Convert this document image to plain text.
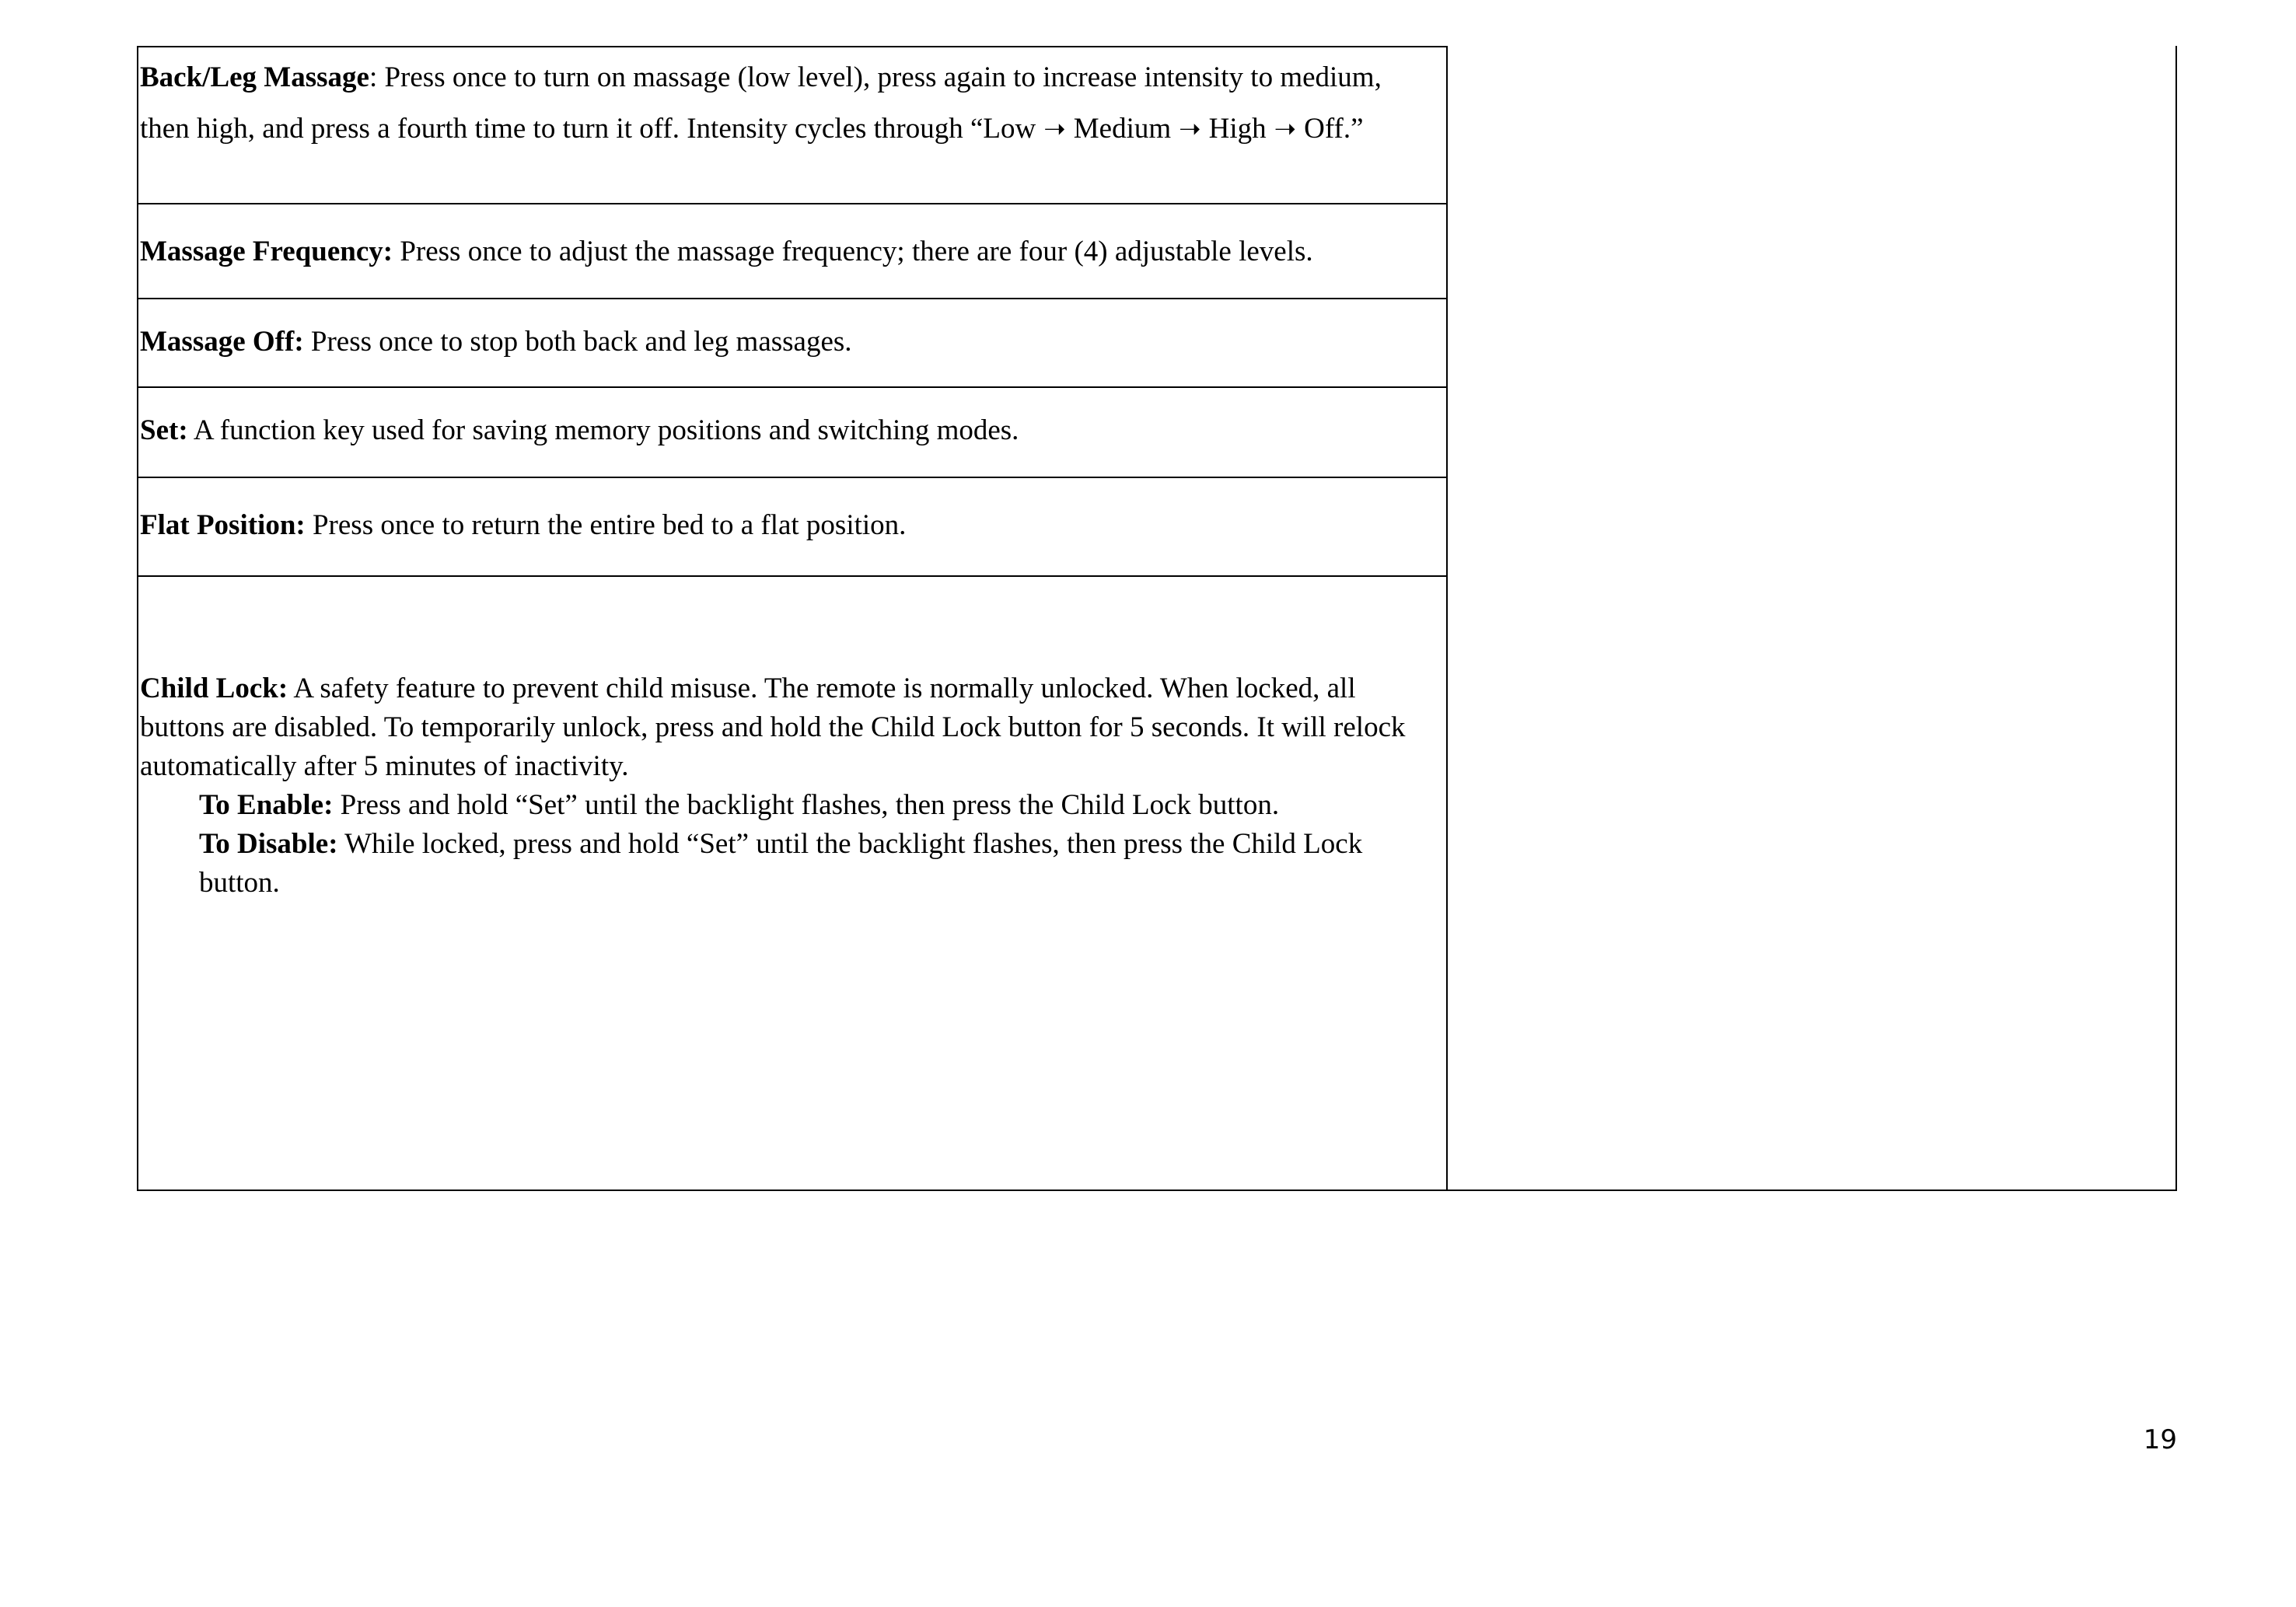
Back/Leg Massage: Press once to turn on massage (low level), press again to increase intensity to medium, then high, and press a fourth time to turn it off. Intensity cycles through “Low ➝ Medium ➝ High ➝ Off.”
Massage Frequency: Press once to adjust the massage frequency; there are four (4) adjustable levels.
Massage Off: Press once to stop both back and leg massages.
Set: A function key used for saving memory positions and switching modes.
Flat Position: Press once to return the entire bed to a flat position.
Child Lock: A safety feature to prevent child misuse. The remote is normally unlocked. When locked, all buttons are disabled. To temporarily unlock, press and hold the Child Lock button for 5 seconds. It will relock automatically after 5 minutes of inactivity.
To Enable: Press and hold “Set” until the backlight flashes, then press the Child Lock button.
To Disable: While locked, press and hold “Set” until the backlight flashes, then press the Child Lock button.
19
